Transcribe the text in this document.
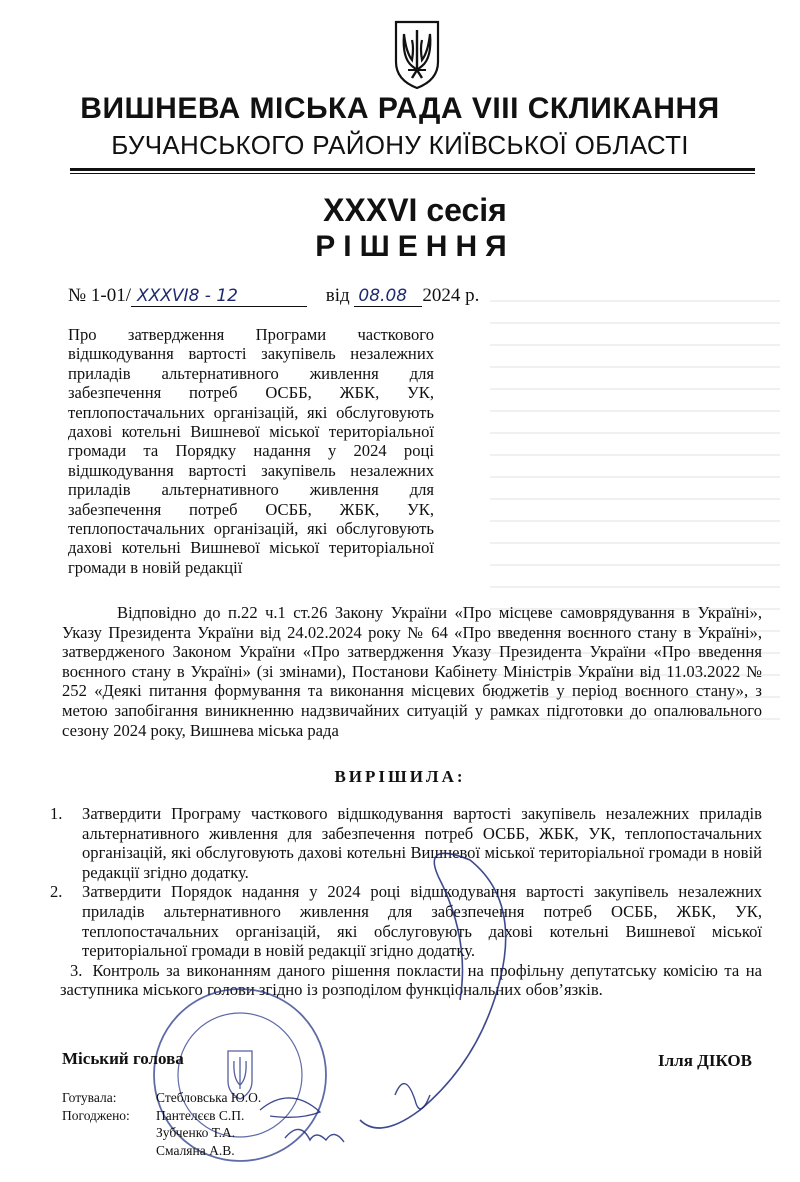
ВИШНЕВА МІСЬКА РАДА VIII СКЛИКАННЯ
БУЧАНСЬКОГО РАЙОНУ КИЇВСЬКОЇ ОБЛАСТІ
XXXVI сесія
РІШЕННЯ
№ 1-01/ XXXVI8 - 12	від 08.08 2024 р.
Про затвердження Програми часткового відшкодування вартості закупівель незалежних приладів альтернативного живлення для забезпечення потреб ОСББ, ЖБК, УК, теплопостачальних організацій, які обслуговують дахові котельні Вишневої міської територіальної громади та Порядку надання у 2024 році відшкодування вартості закупівель незалежних приладів альтернативного живлення для забезпечення потреб ОСББ, ЖБК, УК, теплопостачальних організацій, які обслуговують дахові котельні Вишневої міської територіальної громади в новій редакції
Відповідно до п.22 ч.1 ст.26 Закону України «Про місцеве самоврядування в Україні», Указу Президента України від 24.02.2024 року № 64 «Про введення воєнного стану в Україні», затвердженого Законом України «Про затвердження Указу Президента України «Про введення воєнного стану в Україні» (зі змінами), Постанови Кабінету Міністрів України від 11.03.2022 № 252 «Деякі питання формування та виконання місцевих бюджетів у період воєнного стану», з метою запобігання виникненню надзвичайних ситуацій у рамках підготовки до опалювального сезону 2024 року, Вишнева міська рада
ВИРІШИЛА:
1. Затвердити Програму часткового відшкодування вартості закупівель незалежних приладів альтернативного живлення для забезпечення потреб ОСББ, ЖБК, УК, теплопостачальних організацій, які обслуговують дахові котельні Вишневої міської територіальної громади в новій редакції згідно додатку.
2. Затвердити Порядок надання у 2024 році відшкодування вартості закупівель незалежних приладів альтернативного живлення для забезпечення потреб ОСББ, ЖБК, УК, теплопостачальних організацій, які обслуговують дахові котельні Вишневої міської територіальної громади в новій редакції згідно додатку.
3. Контроль за виконанням даного рішення покласти на профільну депутатську комісію та на заступника міського голови згідно із розподілом функціональних обов’язків.
Міський голова	Ілля ДІКОВ
Готувала:	Стебловська Ю.О.
Погоджено: Пантелєєв С.П.
Зубченко Т.А.
Смаляна А.В.
